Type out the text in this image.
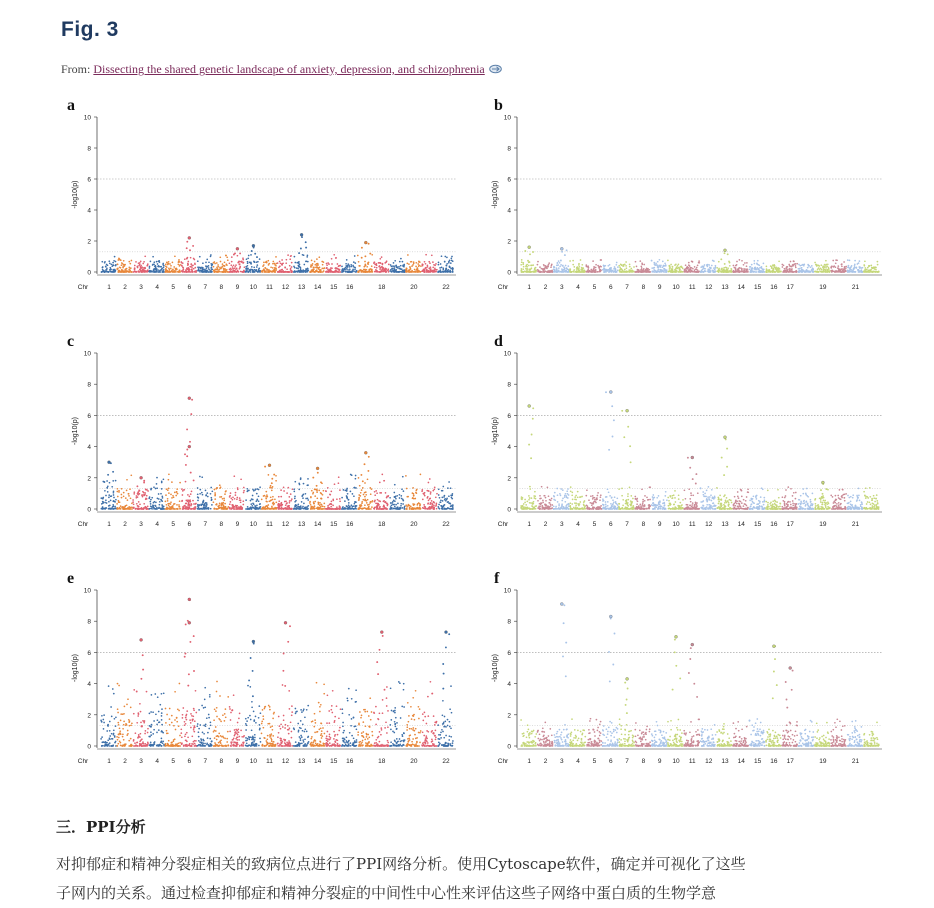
Fig. 3
From: Dissecting the shared genetic landscape of anxiety, depression, and schizophrenia
a
0
2
4
6
8
10
-log10(p)
Chr	1 2 3 4 5 6 7 8 9 10 11 12 13 14 15 16	18	20	22
b
0
2
4
6
8
10
-log10(p)
Chr	1 2 3 4 5 6 7 8 9 10 11 12 13 14 15 16 17	19	21
c
0
2
4
6
8
10
-log10(p)
Chr	1 2 3 4 5 6 7 8 9 10 11 12 13 14 15 16	18	20	22
d
0
2
4
6
8
10
-log10(p)
Chr	1 2 3 4 5 6 7 8 9 10 11 12 13 14 15 16 17	19	21
e
0
2
4
6
8
10
-log10(p)
Chr	1 2 3 4 5 6 7 8 9 10 11 12 13 14 15 16	18	20	22
f
0
2
4
6
8
10
-log10(p)
Chr	1 2 3 4 5 6 7 8 9 10 11 12 13 14 15 16 17	19	21
三．PPI分析

对抑郁症和精神分裂症相关的致病位点进行了PPI网络分析。使用Cytoscape软件，确定并可视化了这些

子网内的关系。通过检查抑郁症和精神分裂症的中间性中心性来评估这些子网络中蛋白质的生物学意
